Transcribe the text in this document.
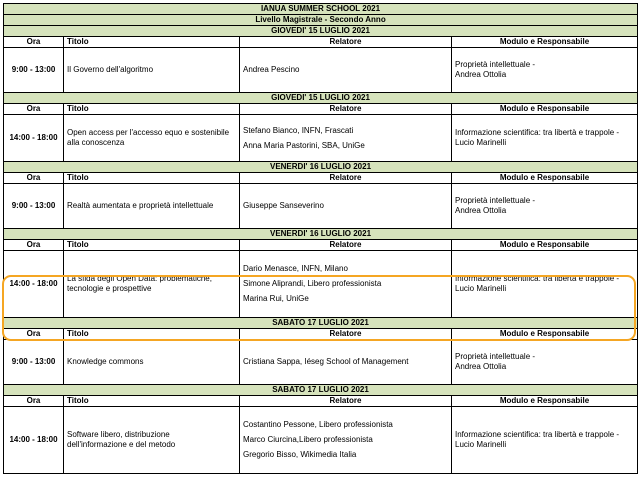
IANUA SUMMER SCHOOL 2021			
Livello Magistrale - Secondo Anno			
GIOVEDI' 15 LUGLIO 2021			
Ora	Titolo	Relatore	Modulo e Responsabile
9:00 - 13:00	Il Governo dell'algoritmo	Andrea Pescino	Proprietà intellettuale -
Andrea Ottolia

GIOVEDI' 15 LUGLIO 2021			
Ora	Titolo	Relatore	Modulo e Responsabile
14:00 - 18:00	Open access per l'accesso equo e sostenibile
alla conoscenza	Stefano Bianco, INFN, Frascati
Anna Maria Pastorini, SBA, UniGe	Informazione scientifica: tra libertà e trappole -
Lucio Marinelli

VENERDI' 16 LUGLIO 2021			
Ora	Titolo	Relatore	Modulo e Responsabile
9:00 - 13:00	Realtà aumentata e proprietà intellettuale	Giuseppe Sanseverino	Proprietà intellettuale -
Andrea Ottolia

VENERDI' 16 LUGLIO 2021			
Ora	Titolo	Relatore	Modulo e Responsabile
14:00 - 18:00	La sfida degli Open Data: problematiche,
tecnologie e prospettive	Dario Menasce, INFN, Milano
Simone Aliprandi, Libero professionista
Marina Rui, UniGe	Informazione scientifica: tra libertà e trappole -
Lucio Marinelli

SABATO 17 LUGLIO 2021			
Ora	Titolo	Relatore	Modulo e Responsabile
9:00 - 13:00	Knowledge commons	Cristiana Sappa, Iéseg School of Management	Proprietà intellettuale -
Andrea Ottolia

SABATO 17 LUGLIO 2021			
Ora	Titolo	Relatore	Modulo e Responsabile
14:00 - 18:00	Software libero, distribuzione
dell'informazione e del metodo	Costantino Pessone, Libero professionista
Marco Ciurcina,Libero professionista
Gregorio Bisso, Wikimedia Italia	Informazione scientifica: tra libertà e trappole -
Lucio Marinelli
